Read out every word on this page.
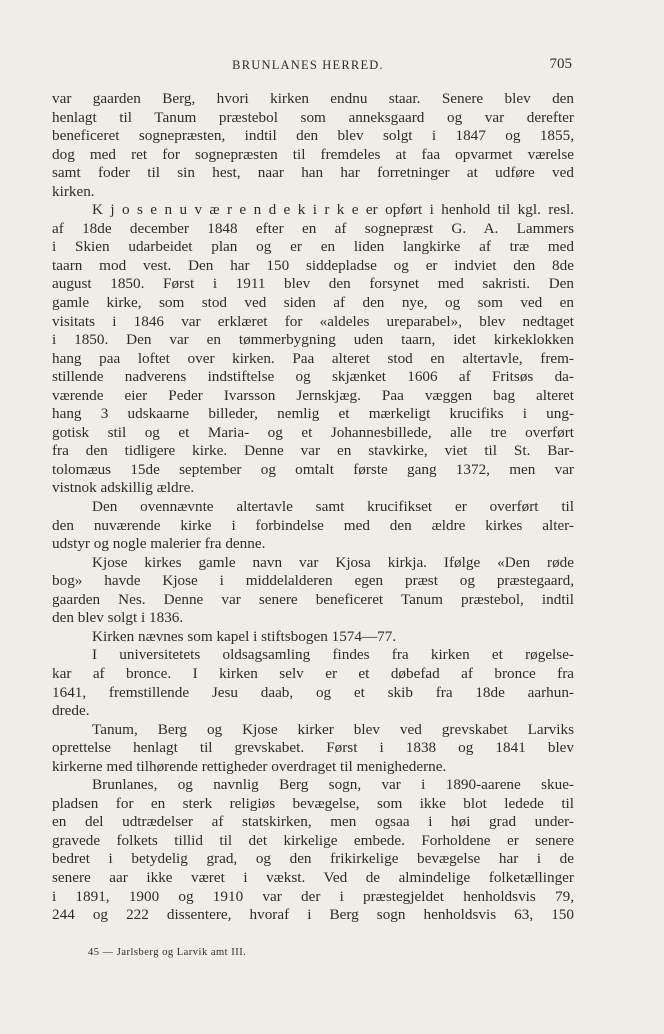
BRUNLANES HERRED.	705
var gaarden Berg, hvori kirken endnu staar. Senere blev den
henlagt til Tanum præstebol som anneksgaard og var derefter
beneficeret sognepræsten, indtil den blev solgt i 1847 og 1855,
dog med ret for sognepræsten til fremdeles at faa opvarmet værelse
samt foder til sin hest, naar han har forretninger at udføre ved
kirken.
K j o s e n u v æ r e n d e k i r k e er opført i henhold til kgl. resl.
af 18de december 1848 efter en af sognepræst G. A. Lammers
i Skien udarbeidet plan og er en liden langkirke af træ med
taarn mod vest. Den har 150 siddepladse og er indviet den 8de
august 1850. Først i 1911 blev den forsynet med sakristi. Den
gamle kirke, som stod ved siden af den nye, og som ved en
visitats i 1846 var erklæret for «aldeles ureparabel», blev nedtaget
i 1850. Den var en tømmerbygning uden taarn, idet kirkeklokken
hang paa loftet over kirken. Paa alteret stod en altertavle, frem-
stillende nadverens indstiftelse og skjænket 1606 af Fritsøs da-
værende eier Peder Ivarsson Jernskjæg. Paa væggen bag alteret
hang 3 udskaarne billeder, nemlig et mærkeligt krucifiks i ung-
gotisk stil og et Maria- og et Johannesbillede, alle tre overført
fra den tidligere kirke. Denne var en stavkirke, viet til St. Bar-
tolomæus 15de september og omtalt første gang 1372, men var
vistnok adskillig ældre.
Den ovennævnte altertavle samt krucifikset er overført til
den nuværende kirke i forbindelse med den ældre kirkes alter-
udstyr og nogle malerier fra denne.
Kjose kirkes gamle navn var Kjosa kirkja. Ifølge «Den røde
bog» havde Kjose i middelalderen egen præst og præstegaard,
gaarden Nes. Denne var senere beneficeret Tanum præstebol, indtil
den blev solgt i 1836.
Kirken nævnes som kapel i stiftsbogen 1574—77.
I universitetets oldsagsamling findes fra kirken et røgelse-
kar af bronce. I kirken selv er et døbefad af bronce fra
1641, fremstillende Jesu daab, og et skib fra 18de aarhun-
drede.
Tanum, Berg og Kjose kirker blev ved grevskabet Larviks
oprettelse henlagt til grevskabet. Først i 1838 og 1841 blev
kirkerne med tilhørende rettigheder overdraget til menighederne.
Brunlanes, og navnlig Berg sogn, var i 1890-aarene skue-
pladsen for en sterk religiøs bevægelse, som ikke blot ledede til
en del udtrædelser af statskirken, men ogsaa i høi grad under-
gravede folkets tillid til det kirkelige embede. Forholdene er senere
bedret i betydelig grad, og den frikirkelige bevægelse har i de
senere aar ikke været i vækst. Ved de almindelige folketællinger
i 1891, 1900 og 1910 var der i præstegjeldet henholdsvis 79,
244 og 222 dissentere, hvoraf i Berg sogn henholdsvis 63, 150
45 — Jarlsberg og Larvik amt III.
